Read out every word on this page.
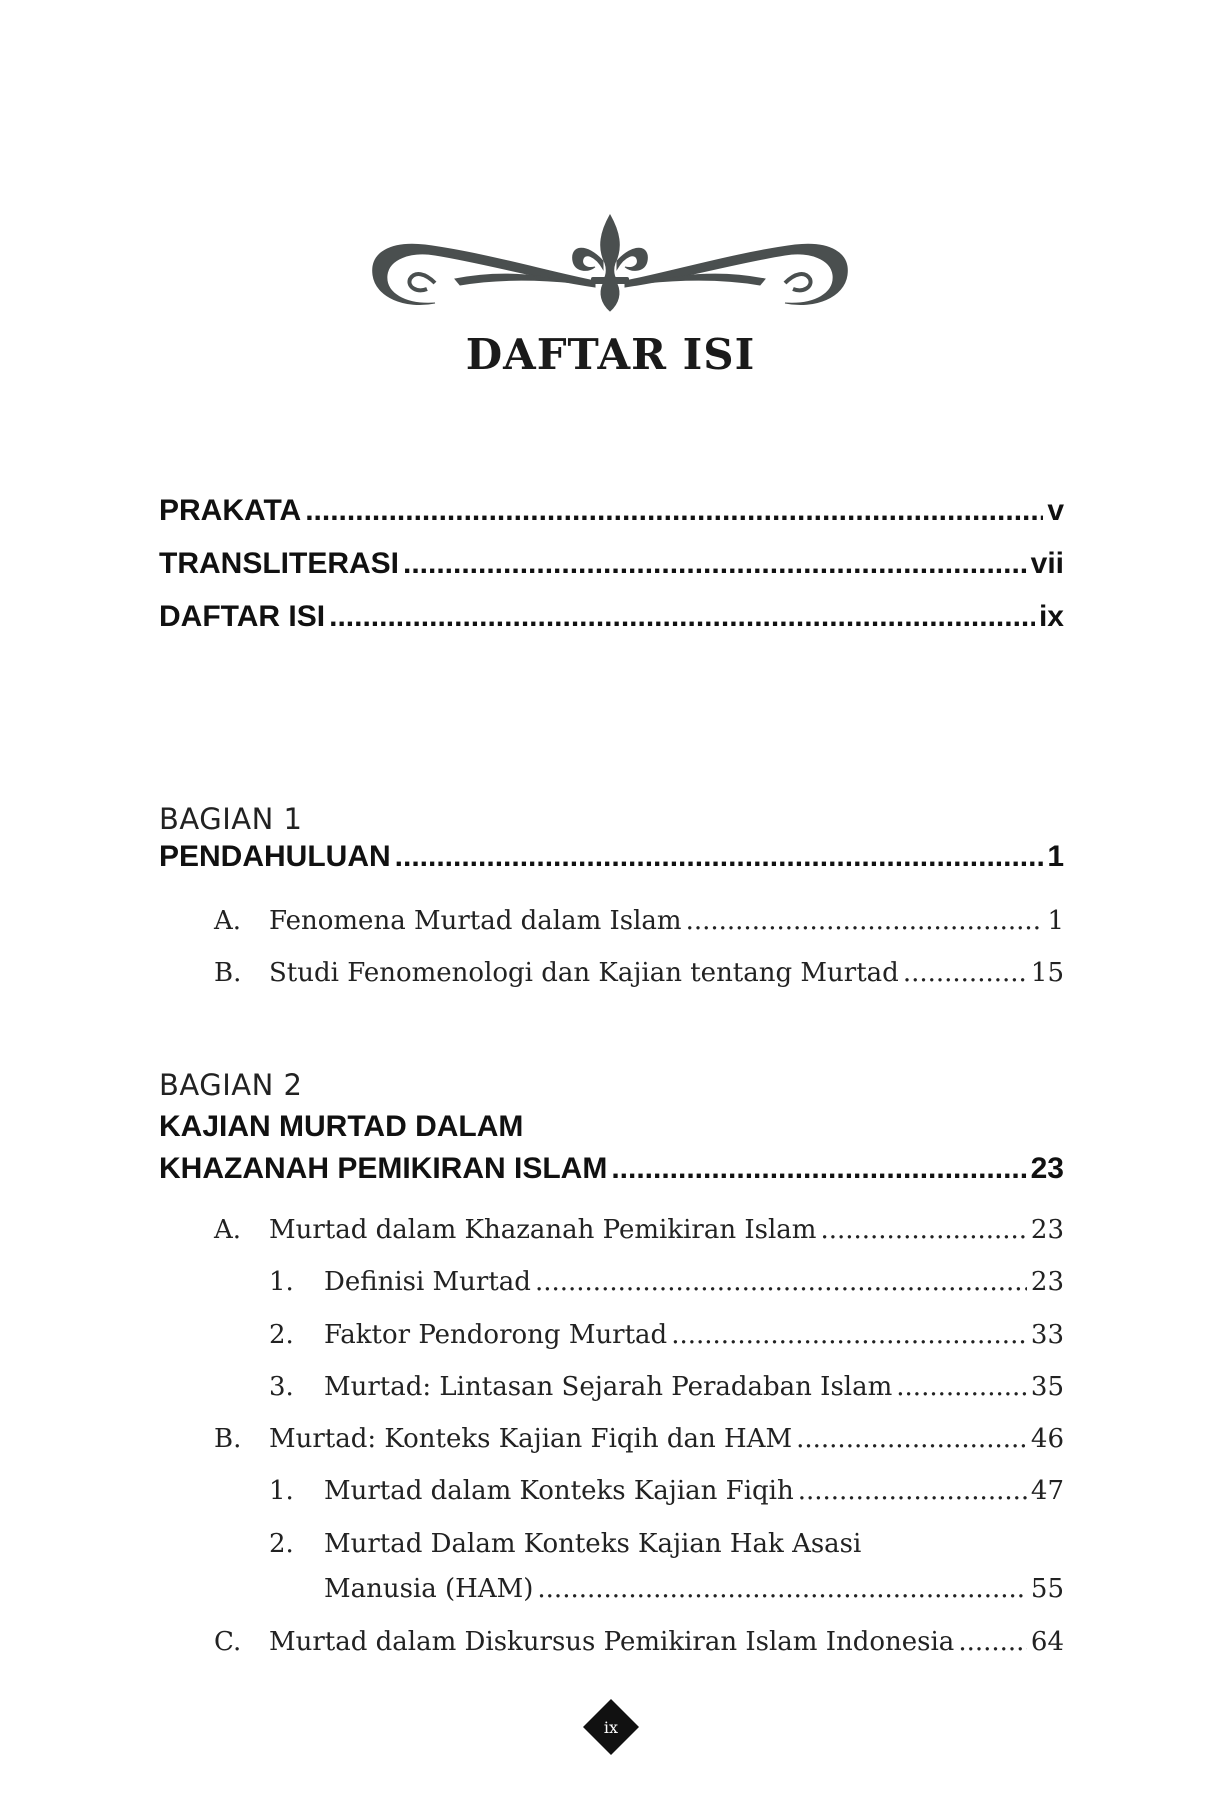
DAFTAR ISI
PRAKATA .....	v
TRANSLITERASI .....	vii
DAFTAR ISI .....	ix
BAGIAN 1
PENDAHULUAN .....	1
A. Fenomena Murtad dalam Islam .....	1
B. Studi Fenomenologi dan Kajian tentang Murtad .....	15
BAGIAN 2
KAJIAN MURTAD DALAM
KHAZANAH PEMIKIRAN ISLAM .....	23
A. Murtad dalam Khazanah Pemikiran Islam .....	23
1. Definisi Murtad .....	23
2. Faktor Pendorong Murtad .....	33
3. Murtad: Lintasan Sejarah Peradaban Islam .....	35
B. Murtad: Konteks Kajian Fiqih dan HAM .....	46
1. Murtad dalam Konteks Kajian Fiqih .....	47
2. Murtad Dalam Konteks Kajian Hak Asasi
Manusia (HAM) .....	55
C. Murtad dalam Diskursus Pemikiran Islam Indonesia .....	64
ix
